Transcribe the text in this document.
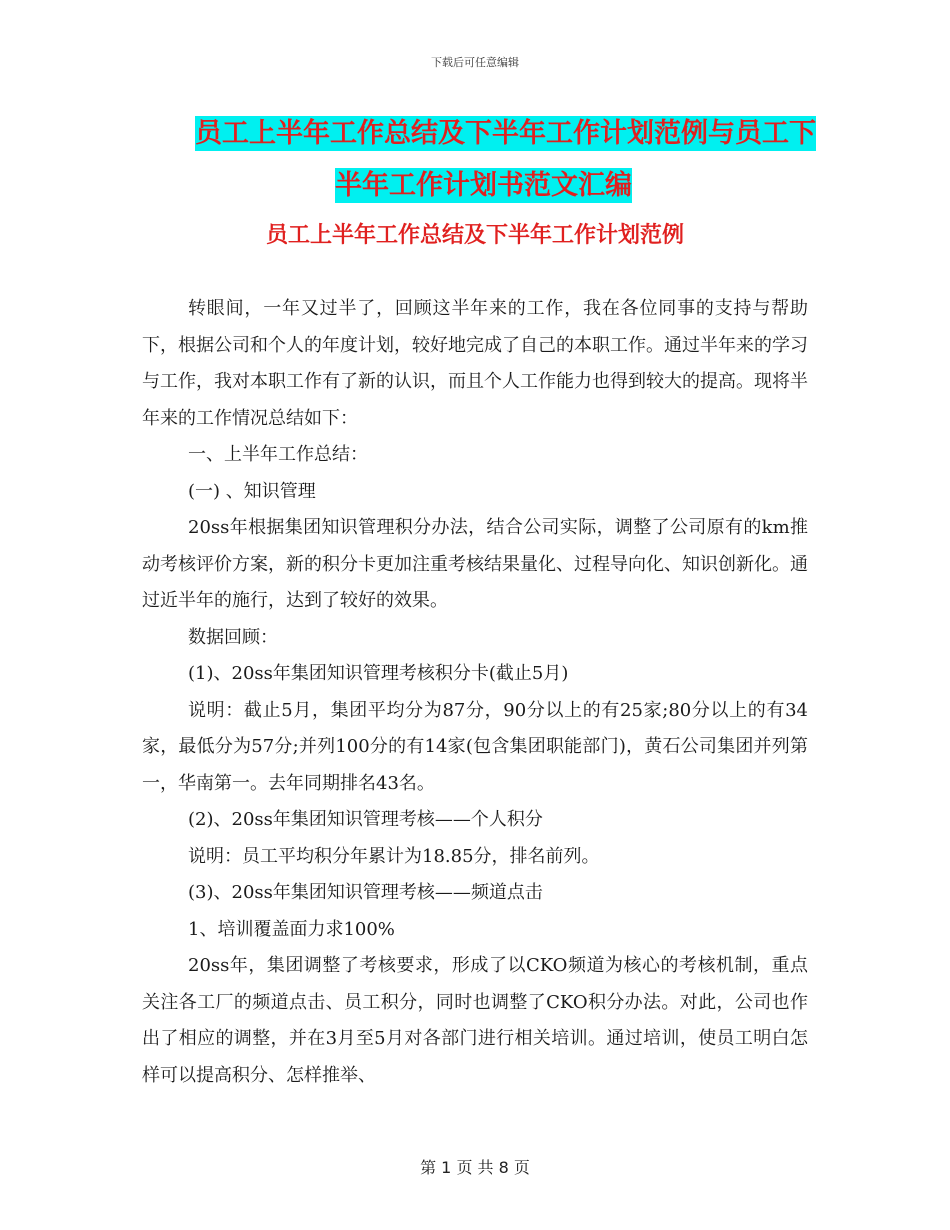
下载后可任意编辑
员工上半年工作总结及下半年工作计划范例与员工下
半年工作计划书范文汇编
员工上半年工作总结及下半年工作计划范例

转眼间，一年又过半了，回顾这半年来的工作，我在各位同事的支持与帮助下，根据公司和个人的年度计划，较好地完成了自己的本职工作。通过半年来的学习与工作，我对本职工作有了新的认识，而且个人工作能力也得到较大的提高。现将半年来的工作情况总结如下：

一、上半年工作总结：

(一) 、知识管理

20ss年根据集团知识管理积分办法，结合公司实际，调整了公司原有的km推动考核评价方案，新的积分卡更加注重考核结果量化、过程导向化、知识创新化。通过近半年的施行，达到了较好的效果。

数据回顾：

(1)、20ss年集团知识管理考核积分卡(截止5月)

说明：截止5月，集团平均分为87分，90分以上的有25家;80分以上的有34家，最低分为57分;并列100分的有14家(包含集团职能部门)，黄石公司集团并列第一，华南第一。去年同期排名43名。

(2)、20ss年集团知识管理考核——个人积分

说明：员工平均积分年累计为18.85分，排名前列。

(3)、20ss年集团知识管理考核——频道点击

1、培训覆盖面力求100%

20ss年，集团调整了考核要求，形成了以CKO频道为核心的考核机制，重点关注各工厂的频道点击、员工积分，同时也调整了CKO积分办法。对此，公司也作出了相应的调整，并在3月至5月对各部门进行相关培训。通过培训，使员工明白怎样可以提高积分、怎样推举、

第 1 页 共 8 页
